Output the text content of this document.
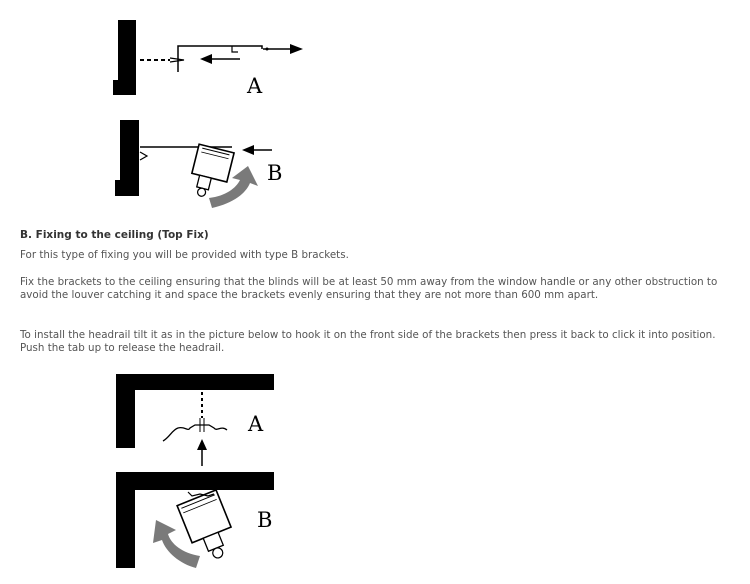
A
B
B. Fixing to the ceiling (Top Fix)
For this type of fixing you will be provided with type B brackets.
Fix the brackets to the ceiling ensuring that the blinds will be at least 50 mm away from the window handle or any other obstruction to avoid the louver catching it and space the brackets evenly ensuring that they are not more than 600 mm apart.
To install the headrail tilt it as in the picture below to hook it on the front side of the brackets then press it back to click it into position. Push the tab up to release the headrail.
A
B
